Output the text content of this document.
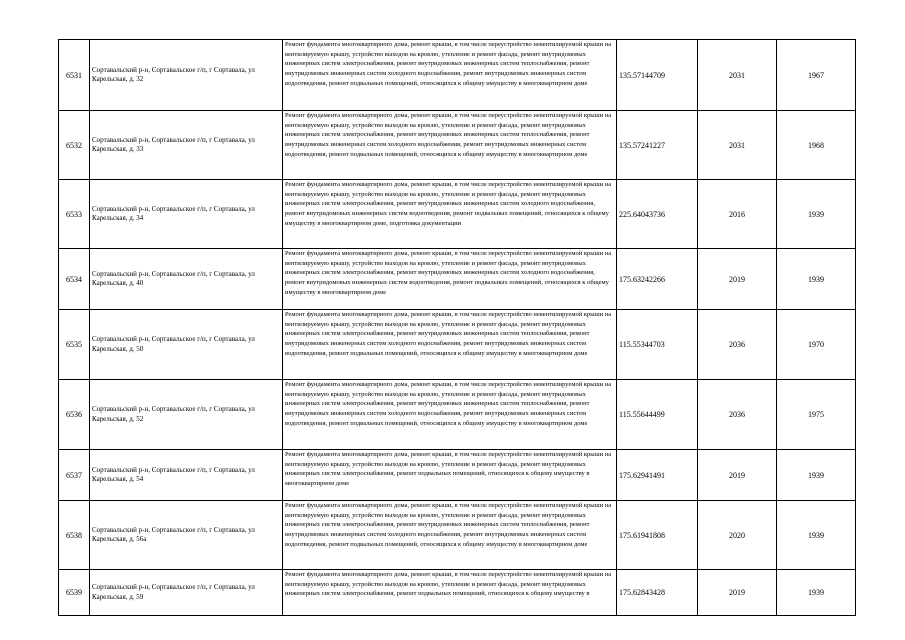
6531	Сортавальский р-н, Сортавальское г/п, г Сортавала, ул Карельская, д. 32	Ремонт фундамента многоквартирного дома, ремонт крыши, в том числе переустройство невентилируемой крыши на вентилируемую крышу, устройство выходов на кровлю, утепление и ремонт фасада, ремонт внутридомовых инженерных систем электроснабжения, ремонт внутридомовых инженерных систем теплоснабжения, ремонт внутридомовых инженерных систем холодного водоснабжения, ремонт внутридомовых инженерных систем водоотведения, ремонт подвальных помещений, относящихся к общему имуществу в многоквартирном доме	135.57144709	2031	1967
6532	Сортавальский р-н, Сортавальское г/п, г Сортавала, ул Карельская, д. 33	Ремонт фундамента многоквартирного дома, ремонт крыши, в том числе переустройство невентилируемой крыши на вентилируемую крышу, устройство выходов на кровлю, утепление и ремонт фасада, ремонт внутридомовых инженерных систем электроснабжения, ремонт внутридомовых инженерных систем теплоснабжения, ремонт внутридомовых инженерных систем холодного водоснабжения, ремонт внутридомовых инженерных систем водоотведения, ремонт подвальных помещений, относящихся к общему имуществу в многоквартирном доме	135.57241227	2031	1968
6533	Сортавальский р-н, Сортавальское г/п, г Сортавала, ул Карельская, д. 34	Ремонт фундамента многоквартирного дома, ремонт крыши, в том числе переустройство невентилируемой крыши на вентилируемую крышу, устройство выходов на кровлю, утепление и ремонт фасада, ремонт внутридомовых инженерных систем электроснабжения, ремонт внутридомовых инженерных систем холодного водоснабжения, ремонт внутридомовых инженерных систем водоотведения, ремонт подвальных помещений, относящихся к общему имуществу в многоквартирном доме, подготовка документации	225.64043736	2016	1939
6534	Сортавальский р-н, Сортавальское г/п, г Сортавала, ул Карельская, д. 40	Ремонт фундамента многоквартирного дома, ремонт крыши, в том числе переустройство невентилируемой крыши на вентилируемую крышу, устройство выходов на кровлю, утепление и ремонт фасада, ремонт внутридомовых инженерных систем электроснабжения, ремонт внутридомовых инженерных систем холодного водоснабжения, ремонт внутридомовых инженерных систем водоотведения, ремонт подвальных помещений, относящихся к общему имуществу в многоквартирном доме	175.63242266	2019	1939
6535	Сортавальский р-н, Сортавальское г/п, г Сортавала, ул Карельская, д. 50	Ремонт фундамента многоквартирного дома, ремонт крыши, в том числе переустройство невентилируемой крыши на вентилируемую крышу, устройство выходов на кровлю, утепление и ремонт фасада, ремонт внутридомовых инженерных систем электроснабжения, ремонт внутридомовых инженерных систем теплоснабжения, ремонт внутридомовых инженерных систем холодного водоснабжения, ремонт внутридомовых инженерных систем водоотведения, ремонт подвальных помещений, относящихся к общему имуществу в многоквартирном доме	115.55344703	2036	1970
6536	Сортавальский р-н, Сортавальское г/п, г Сортавала, ул Карельская, д. 52	Ремонт фундамента многоквартирного дома, ремонт крыши, в том числе переустройство невентилируемой крыши на вентилируемую крышу, устройство выходов на кровлю, утепление и ремонт фасада, ремонт внутридомовых инженерных систем электроснабжения, ремонт внутридомовых инженерных систем теплоснабжения, ремонт внутридомовых инженерных систем холодного водоснабжения, ремонт внутридомовых инженерных систем водоотведения, ремонт подвальных помещений, относящихся к общему имуществу в многоквартирном доме	115.55644499	2036	1975
6537	Сортавальский р-н, Сортавальское г/п, г Сортавала, ул Карельская, д. 54	Ремонт фундамента многоквартирного дома, ремонт крыши, в том числе переустройство невентилируемой крыши на вентилируемую крышу, устройство выходов на кровлю, утепление и ремонт фасада, ремонт внутридомовых инженерных систем электроснабжения, ремонт подвальных помещений, относящихся к общему имуществу в многоквартирном доме	175.62941491	2019	1939
6538	Сортавальский р-н, Сортавальское г/п, г Сортавала, ул Карельская, д. 56а	Ремонт фундамента многоквартирного дома, ремонт крыши, в том числе переустройство невентилируемой крыши на вентилируемую крышу, устройство выходов на кровлю, утепление и ремонт фасада, ремонт внутридомовых инженерных систем электроснабжения, ремонт внутридомовых инженерных систем теплоснабжения, ремонт внутридомовых инженерных систем холодного водоснабжения, ремонт внутридомовых инженерных систем водоотведения, ремонт подвальных помещений, относящихся к общему имуществу в многоквартирном доме	175.61941808	2020	1939
6539	Сортавальский р-н, Сортавальское г/п, г Сортавала, ул Карельская, д. 59	Ремонт фундамента многоквартирного дома, ремонт крыши, в том числе переустройство невентилируемой крыши на вентилируемую крышу, устройство выходов на кровлю, утепление и ремонт фасада, ремонт внутридомовых инженерных систем электроснабжения, ремонт подвальных помещений, относящихся к общему имуществу в	175.62843428	2019	1939
